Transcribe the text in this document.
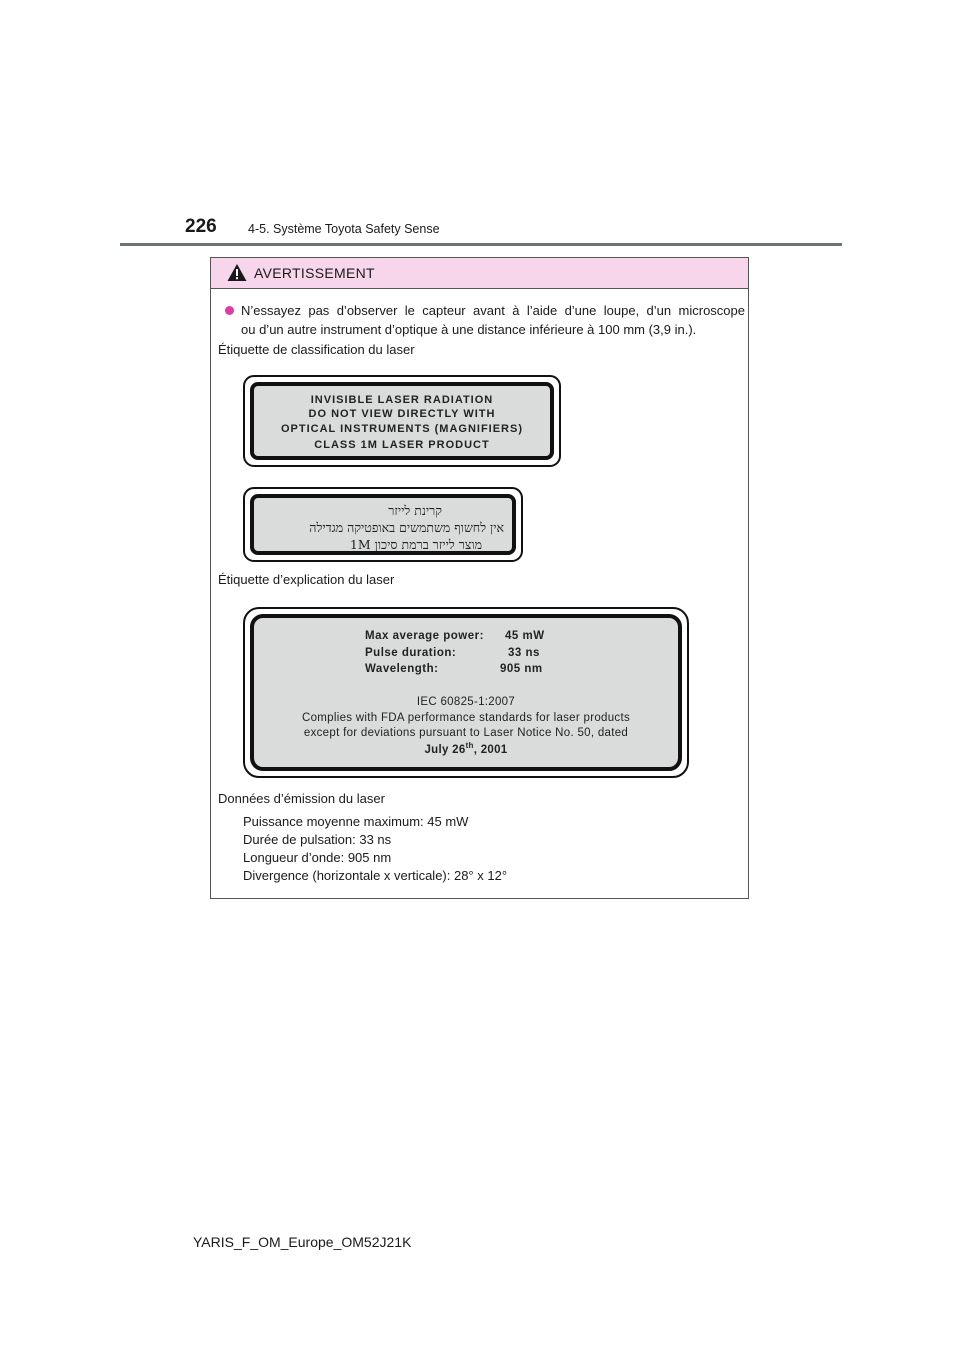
226	4-5. Système Toyota Safety Sense
AVERTISSEMENT
N’essayez pas d’observer le capteur avant à l’aide d’une loupe, d’un microscope
ou d’un autre instrument d’optique à une distance inférieure à 100 mm (3,9 in.).
Étiquette de classification du laser
INVISIBLE LASER RADIATION
DO NOT VIEW DIRECTLY WITH
OPTICAL INSTRUMENTS (MAGNIFIERS)
CLASS 1M LASER PRODUCT
קרינת לייזר
אין לחשוף משתמשים באופטיקה מגדילה
מוצר לייזר ברמת סיכון 1M
Étiquette d’explication du laser
Max average power: 45 mW
Pulse duration:	33 ns
Wavelength:	905 nm
IEC 60825-1:2007
Complies with FDA performance standards for laser products
except for deviations pursuant to Laser Notice No. 50, dated
July 26th, 2001
Données d’émission du laser
Puissance moyenne maximum: 45 mW
Durée de pulsation: 33 ns
Longueur d’onde: 905 nm
Divergence (horizontale x verticale): 28° x 12°
YARIS_F_OM_Europe_OM52J21K
